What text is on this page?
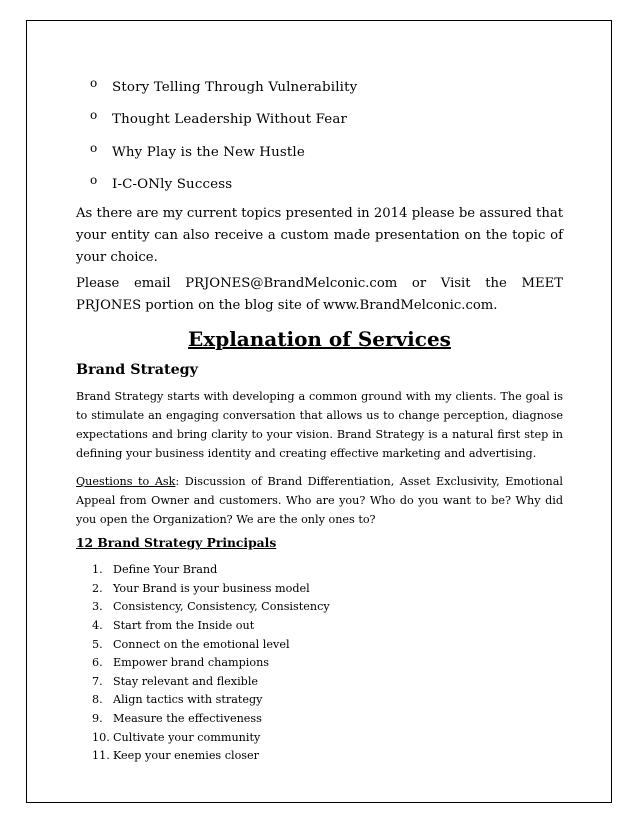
o Story Telling Through Vulnerability
o Thought Leadership Without Fear
o Why Play is the New Hustle
o I-C-ONly Success

As there are my current topics presented in 2014 please be assured that your entity can also receive a custom made presentation on the topic of your choice.

Please email PRJONES@BrandMelconic.com or Visit the MEET PRJONES portion on the blog site of www.BrandMelconic.com.

Explanation of Services
Brand Strategy

Brand Strategy starts with developing a common ground with my clients. The goal is to stimulate an engaging conversation that allows us to change perception, diagnose expectations and bring clarity to your vision. Brand Strategy is a natural first step in defining your business identity and creating effective marketing and advertising.

Questions to Ask: Discussion of Brand Differentiation, Asset Exclusivity, Emotional Appeal from Owner and customers. Who are you? Who do you want to be? Why did you open the Organization? We are the only ones to?

12 Brand Strategy Principals
1. Define Your Brand
2. Your Brand is your business model
3. Consistency, Consistency, Consistency
4. Start from the Inside out
5. Connect on the emotional level
6. Empower brand champions
7. Stay relevant and flexible
8. Align tactics with strategy
9. Measure the effectiveness
10. Cultivate your community
11. Keep your enemies closer
